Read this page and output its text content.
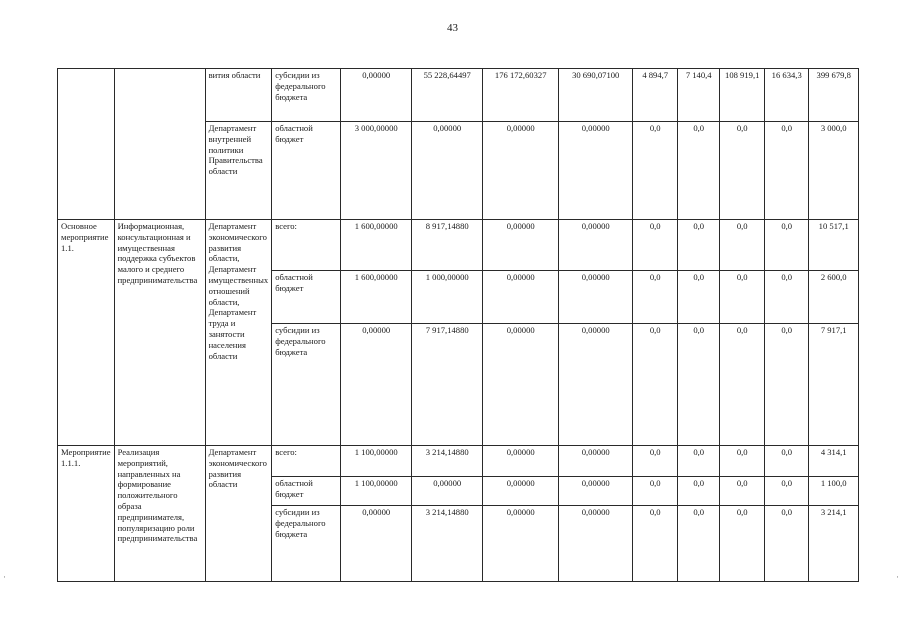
43
·	·
		вития области	субсидии из федерального бюджета	0,00000	55 228,64497	176 172,60327	30 690,07100	4 894,7	7 140,4	108 919,1	16 634,3	399 679,8
		Департамент внутренней политики Правительства области	областной бюджет	3 000,00000	0,00000	0,00000	0,00000	0,0	0,0	0,0	0,0	3 000,0
Основное мероприятие 1.1.	Информационная, консультационная и имущественная поддержка субъектов малого и среднего предпринимательства	Департамент экономического развития области, Департамент имущественных отношений области, Департамент труда и занятости населения области	всего:	1 600,00000	8 917,14880	0,00000	0,00000	0,0	0,0	0,0	0,0	10 517,1
			областной бюджет	1 600,00000	1 000,00000	0,00000	0,00000	0,0	0,0	0,0	0,0	2 600,0
			субсидии из федерального бюджета	0,00000	7 917,14880	0,00000	0,00000	0,0	0,0	0,0	0,0	7 917,1
Мероприятие 1.1.1.	Реализация мероприятий, направленных на формирование положительного образа предпринимателя, популяризацию роли предпринимательства	Департамент экономического развития области	всего:	1 100,00000	3 214,14880	0,00000	0,00000	0,0	0,0	0,0	0,0	4 314,1
			областной бюджет	1 100,00000	0,00000	0,00000	0,00000	0,0	0,0	0,0	0,0	1 100,0
			субсидии из федерального бюджета	0,00000	3 214,14880	0,00000	0,00000	0,0	0,0	0,0	0,0	3 214,1
